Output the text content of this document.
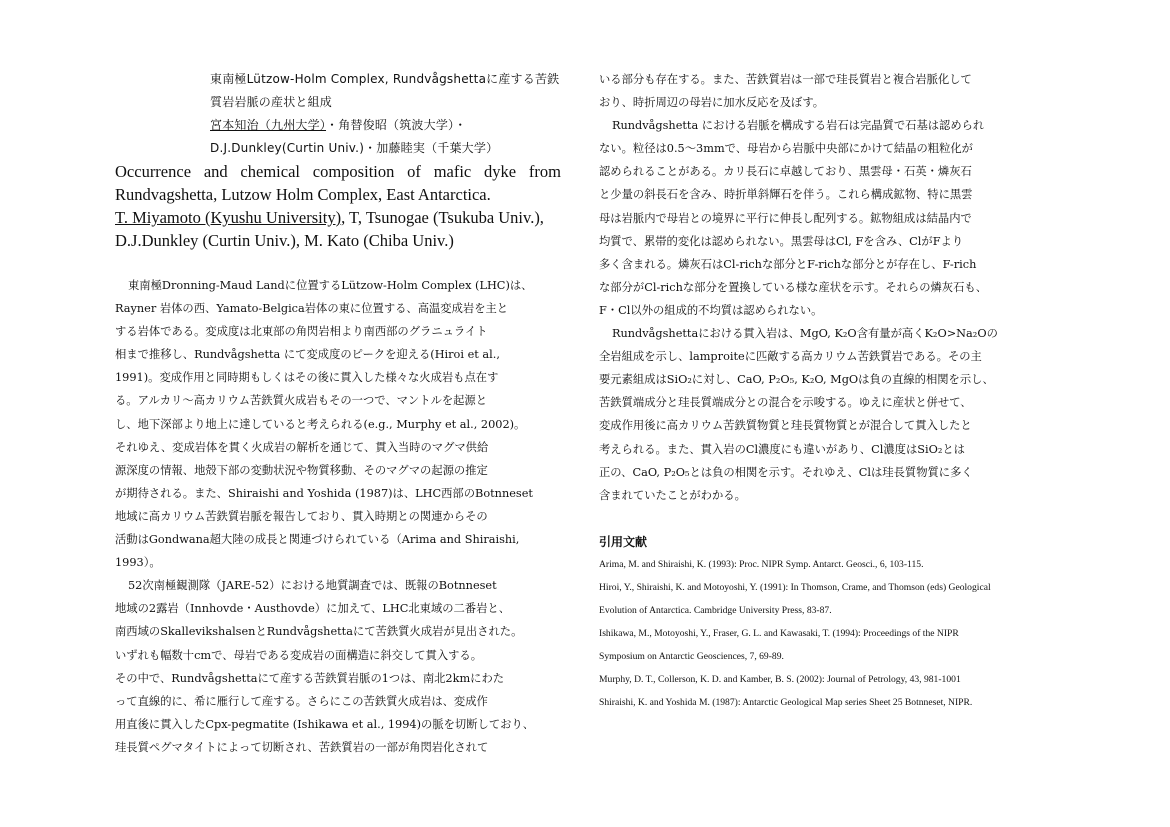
東南極Lützow-Holm Complex, Rundvågshettaに産する苦鉄
質岩岩脈の産状と組成
宮本知治（九州大学）・角替俊昭（筑波大学）・
D.J.Dunkley(Curtin Univ.)・加藤睦実（千葉大学）
Occurrence and chemical composition of mafic dyke from
Rundvagshetta, Lutzow Holm Complex, East Antarctica.
T. Miyamoto (Kyushu University), T, Tsunogae (Tsukuba Univ.),
D.J.Dunkley (Curtin Univ.), M. Kato (Chiba Univ.)
東南極Dronning-Maud Landに位置するLützow-Holm Complex (LHC)は、
Rayner 岩体の西、Yamato-Belgica岩体の東に位置する、高温変成岩を主と
する岩体である。変成度は北東部の角閃岩相より南西部のグラニュライト
相まで推移し、Rundvågshetta にて変成度のピークを迎える(Hiroi et al.,
1991)。変成作用と同時期もしくはその後に貫入した様々な火成岩も点在す
る。アルカリ～高カリウム苦鉄質火成岩もその一つで、マントルを起源と
し、地下深部より地上に達していると考えられる(e.g., Murphy et al., 2002)。
それゆえ、変成岩体を貫く火成岩の解析を通じて、貫入当時のマグマ供給
源深度の情報、地殻下部の変動状況や物質移動、そのマグマの起源の推定
が期待される。また、Shiraishi and Yoshida (1987)は、LHC西部のBotnneset
地域に高カリウム苦鉄質岩脈を報告しており、貫入時期との関連からその
活動はGondwana超大陸の成長と関連づけられている（Arima and Shiraishi,
1993）。
52次南極観測隊（JARE-52）における地質調査では、既報のBotnneset
地域の2露岩（Innhovde・Austhovde）に加えて、LHC北東域の二番岩と、
南西域のSkallevikshalsenとRundvågshettaにて苦鉄質火成岩が見出された。
いずれも幅数十cmで、母岩である変成岩の面構造に斜交して貫入する。
その中で、Rundvågshettaにて産する苦鉄質岩脈の1つは、南北2kmにわた
って直線的に、希に雁行して産する。さらにこの苦鉄質火成岩は、変成作
用直後に貫入したCpx-pegmatite (Ishikawa et al., 1994)の脈を切断しており、
珪長質ペグマタイトによって切断され、苦鉄質岩の一部が角閃岩化されて
いる部分も存在する。また、苦鉄質岩は一部で珪長質岩と複合岩脈化して
おり、時折周辺の母岩に加水反応を及ぼす。
Rundvågshetta における岩脈を構成する岩石は完晶質で石基は認められ
ない。粒径は0.5～3mmで、母岩から岩脈中央部にかけて結晶の粗粒化が
認められることがある。カリ長石に卓越しており、黒雲母・石英・燐灰石
と少量の斜長石を含み、時折単斜輝石を伴う。これら構成鉱物、特に黒雲
母は岩脈内で母岩との境界に平行に伸長し配列する。鉱物組成は結晶内で
均質で、累帯的変化は認められない。黒雲母はCl, Fを含み、ClがFより
多く含まれる。燐灰石はCl-richな部分とF-richな部分とが存在し、F-rich
な部分がCl-richな部分を置換している様な産状を示す。それらの燐灰石も、
F・Cl以外の組成的不均質は認められない。
Rundvågshettaにおける貫入岩は、MgO, K₂O含有量が高くK₂O>Na₂Oの
全岩組成を示し、lamproiteに匹敵する高カリウム苦鉄質岩である。その主
要元素組成はSiO₂に対し、CaO, P₂O₅, K₂O, MgOは負の直線的相関を示し、
苦鉄質端成分と珪長質端成分との混合を示唆する。ゆえに産状と併せて、
変成作用後に高カリウム苦鉄質物質と珪長質物質とが混合して貫入したと
考えられる。また、貫入岩のCl濃度にも違いがあり、Cl濃度はSiO₂とは
正の、CaO, P₂O₅とは負の相関を示す。それゆえ、Clは珪長質物質に多く
含まれていたことがわかる。
引用文献
Arima, M. and Shiraishi, K. (1993): Proc. NIPR Symp. Antarct. Geosci., 6, 103-115.
Hiroi, Y., Shiraishi, K. and Motoyoshi, Y. (1991): In Thomson, Crame, and Thomson (eds) Geological
Evolution of Antarctica. Cambridge University Press, 83-87.
Ishikawa, M., Motoyoshi, Y., Fraser, G. L. and Kawasaki, T. (1994): Proceedings of the NIPR
Symposium on Antarctic Geosciences, 7, 69-89.
Murphy, D. T., Collerson, K. D. and Kamber, B. S. (2002): Journal of Petrology, 43, 981-1001
Shiraishi, K. and Yoshida M. (1987): Antarctic Geological Map series Sheet 25 Botnneset, NIPR.
